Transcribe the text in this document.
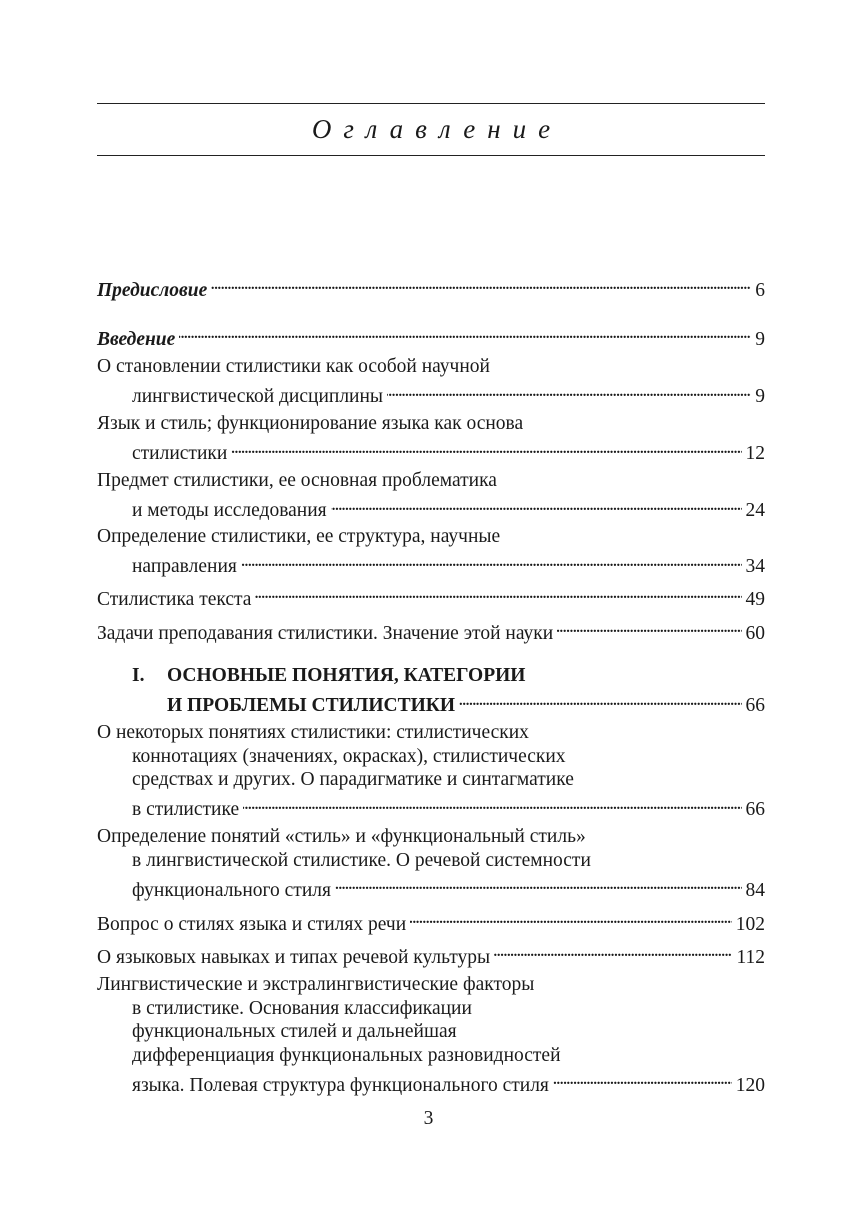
Оглавление
Предисловие . . .	6
Введение . . .	9
О становлении стилистики как особой научной
лингвистической дисциплины . . .	9
Язык и стиль; функционирование языка как основа
стилистики . . .	12
Предмет стилистики, ее основная проблематика
и методы исследования . . .	24
Определение стилистики, ее структура, научные
направления . . .	34
Стилистика текста . . .	49
Задачи преподавания стилистики. Значение этой науки . . .	60
I. ОСНОВНЫЕ ПОНЯТИЯ, КАТЕГОРИИ
И ПРОБЛЕМЫ СТИЛИСТИКИ . . .	66
О некоторых понятиях стилистики: стилистических
коннотациях (значениях, окрасках), стилистических
средствах и других. О парадигматике и синтагматике
в стилистике . . .	66
Определение понятий «стиль» и «функциональный стиль»
в лингвистической стилистике. О речевой системности
функционального стиля . . .	84
Вопрос о стилях языка и стилях речи . . .	102
О языковых навыках и типах речевой культуры . . .	112
Лингвистические и экстралингвистические факторы
в стилистике. Основания классификации
функциональных стилей и дальнейшая
дифференциация функциональных разновидностей
языка. Полевая структура функционального стиля . . .	120
3
